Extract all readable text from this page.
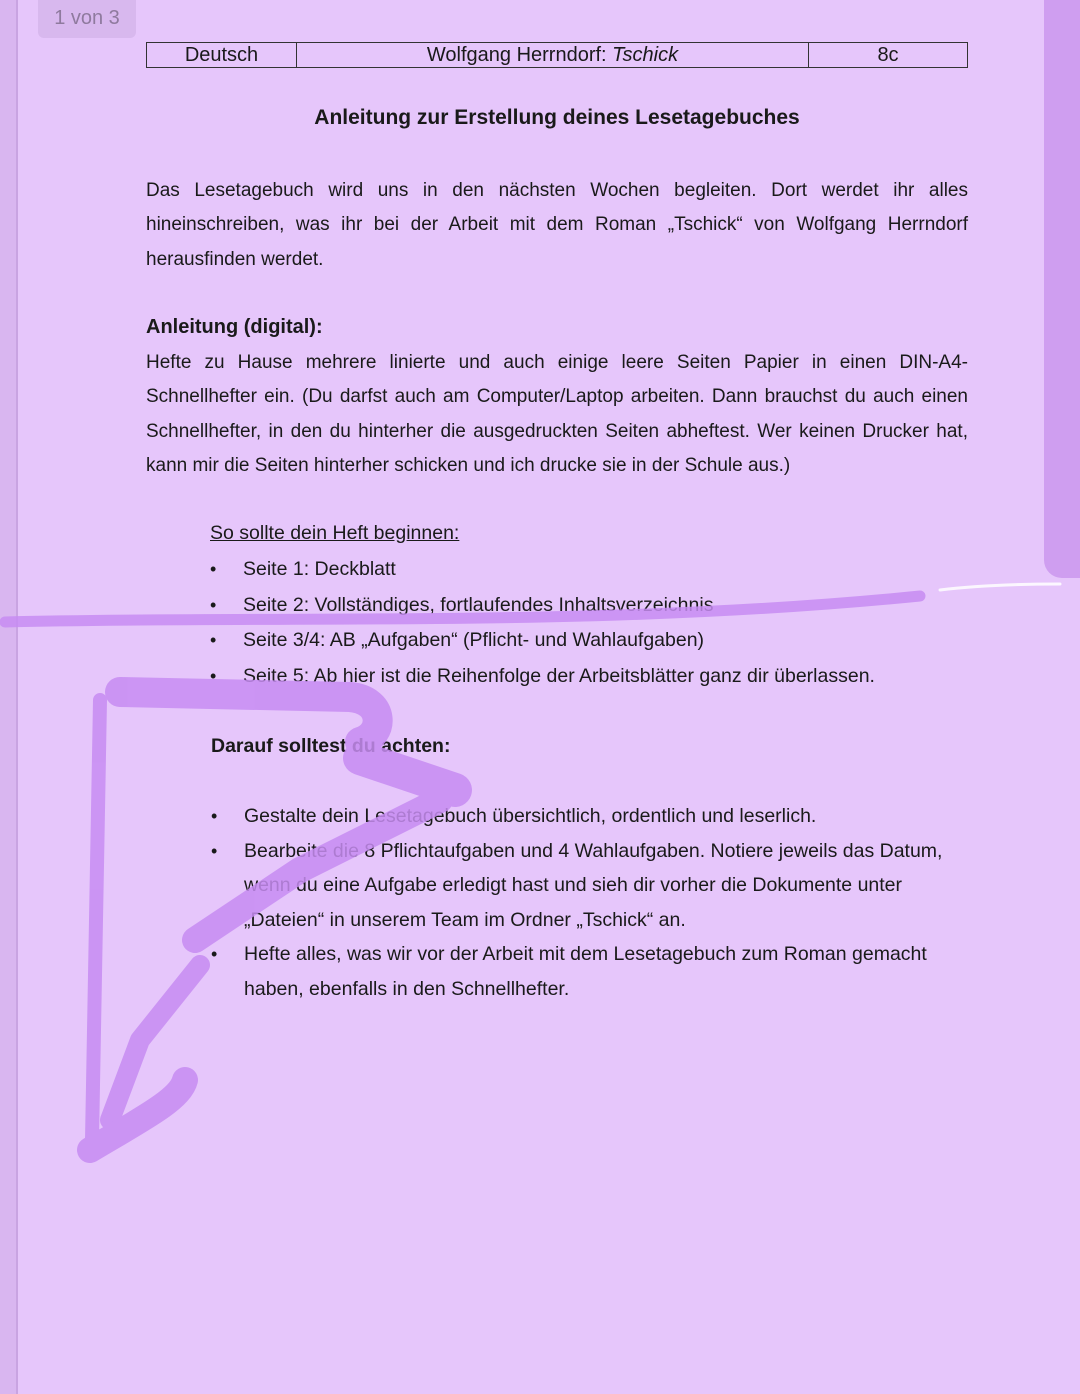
1 von 3
Deutsch	Wolfgang Herrndorf: Tschick	8c
Anleitung zur Erstellung deines Lesetagebuches

Das Lesetagebuch wird uns in den nächsten Wochen begleiten. Dort werdet ihr alles hineinschreiben, was ihr bei der Arbeit mit dem Roman „Tschick“ von Wolfgang Herrndorf herausfinden werdet.

Anleitung (digital):

Hefte zu Hause mehrere linierte und auch einige leere Seiten Papier in einen DIN-A4-Schnellhefter ein. (Du darfst auch am Computer/Laptop arbeiten. Dann brauchst du auch einen Schnellhefter, in den du hinterher die ausgedruckten Seiten abheftest. Wer keinen Drucker hat, kann mir die Seiten hinterher schicken und ich drucke sie in der Schule aus.)

So sollte dein Heft beginnen:
• Seite 1: Deckblatt
• Seite 2: Vollständiges, fortlaufendes Inhaltsverzeichnis
• Seite 3/4: AB „Aufgaben“ (Pflicht- und Wahlaufgaben)
• Seite 5: Ab hier ist die Reihenfolge der Arbeitsblätter ganz dir überlassen.
Darauf solltest du achten:
• Gestalte dein Lesetagebuch übersichtlich, ordentlich und leserlich.
• Bearbeite die 8 Pflichtaufgaben und 4 Wahlaufgaben. Notiere jeweils das Datum, wenn du eine Aufgabe erledigt hast und sieh dir vorher die Dokumente unter „Dateien“ in unserem Team im Ordner „Tschick“ an.
• Hefte alles, was wir vor der Arbeit mit dem Lesetagebuch zum Roman gemacht haben, ebenfalls in den Schnellhefter.
